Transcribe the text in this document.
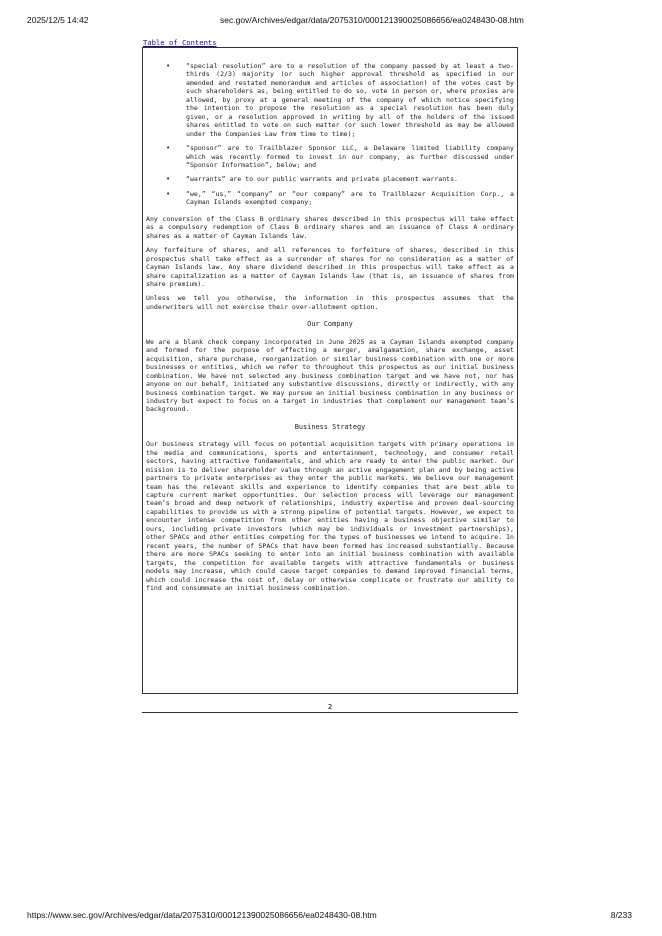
2025/12/5 14:42	sec.gov/Archives/edgar/data/2075310/000121390025086656/ea0248430-08.htm
Table of Contents
• “special resolution” are to a resolution of the company passed by at least a two-thirds (2/3) majority (or such higher approval threshold as specified in our amended and restated memorandum and articles of association) of the votes cast by such shareholders as, being entitled to do so, vote in person or, where proxies are allowed, by proxy at a general meeting of the company of which notice specifying the intention to propose the resolution as a special resolution has been duly given, or a resolution approved in writing by all of the holders of the issued shares entitled to vote on such matter (or such lower threshold as may be allowed under the Companies Law from time to time);
• “sponsor” are to Trailblazer Sponsor LLC, a Delaware limited liability company which was recently formed to invest in our company, as further discussed under “Sponsor Information”, below; and
• “warrants” are to our public warrants and private placement warrants.
• “we,” “us,” “company” or “our company” are to Trailblazer Acquisition Corp., a Cayman Islands exempted company;

Any conversion of the Class B ordinary shares described in this prospectus will take effect as a compulsory redemption of Class B ordinary shares and an issuance of Class A ordinary shares as a matter of Cayman Islands law.

Any forfeiture of shares, and all references to forfeiture of shares, described in this prospectus shall take effect as a surrender of shares for no consideration as a matter of Cayman Islands law. Any share dividend described in this prospectus will take effect as a share capitalization as a matter of Cayman Islands law (that is, an issuance of shares from share premium).

Unless we tell you otherwise, the information in this prospectus assumes that the underwriters will not exercise their over-allotment option.

Our Company

We are a blank check company incorporated in June 2025 as a Cayman Islands exempted company and formed for the purpose of effecting a merger, amalgamation, share exchange, asset acquisition, share purchase, reorganization or similar business combination with one or more businesses or entities, which we refer to throughout this prospectus as our initial business combination. We have not selected any business combination target and we have not, nor has anyone on our behalf, initiated any substantive discussions, directly or indirectly, with any business combination target. We may pursue an initial business combination in any business or industry but expect to focus on a target in industries that complement our management team’s background.

Business Strategy

Our business strategy will focus on potential acquisition targets with primary operations in the media and communications, sports and entertainment, technology, and consumer retail sectors, having attractive fundamentals, and which are ready to enter the public market. Our mission is to deliver shareholder value through an active engagement plan and by being active partners to private enterprises as they enter the public markets. We believe our management team has the relevant skills and experience to identify companies that are best able to capture current market opportunities. Our selection process will leverage our management team’s broad and deep network of relationships, industry expertise and proven deal-sourcing capabilities to provide us with a strong pipeline of potential targets. However, we expect to encounter intense competition from other entities having a business objective similar to ours, including private investors (which may be individuals or investment partnerships), other SPACs and other entities competing for the types of businesses we intend to acquire. In recent years, the number of SPACs that have been formed has increased substantially. Because there are more SPACs seeking to enter into an initial business combination with available targets, the competition for available targets with attractive fundamentals or business models may increase, which could cause target companies to demand improved financial terms, which could increase the cost of, delay or otherwise complicate or frustrate our ability to find and consummate an initial business combination.

2
https://www.sec.gov/Archives/edgar/data/2075310/000121390025086656/ea0248430-08.htm	8/233
